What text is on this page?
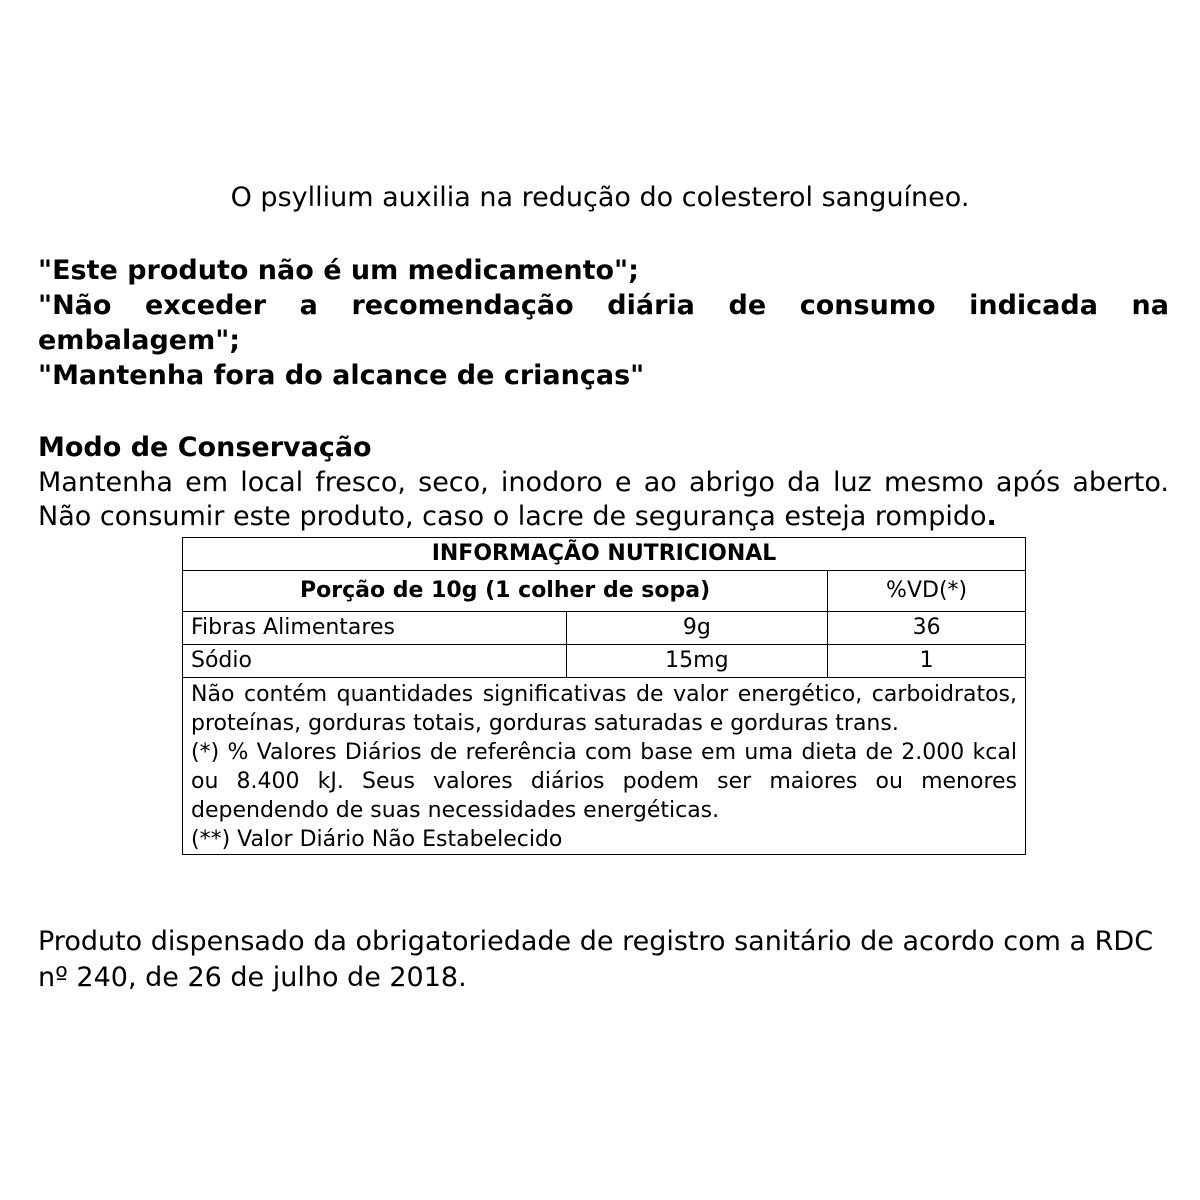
O psyllium auxilia na redução do colesterol sanguíneo.

"Este produto não é um medicamento";

"Não exceder a recomendação diária de consumo indicada na embalagem";

"Mantenha fora do alcance de crianças"

Modo de Conservação
Mantenha em local fresco, seco, inodoro e ao abrigo da luz mesmo após aberto. Não consumir este produto, caso o lacre de segurança esteja rompido.
INFORMAÇÃO NUTRICIONAL		
Porção de 10g (1 colher de sopa)		%VD(*)
Fibras Alimentares	9g	36
Sódio	15mg	1

Não contém quantidades significativas de valor energético, carboidratos, proteínas, gorduras totais, gorduras saturadas e gorduras trans.

(*) % Valores Diários de referência com base em uma dieta de 2.000 kcal ou 8.400 kJ. Seus valores diários podem ser maiores ou menores dependendo de suas necessidades energéticas.

(**) Valor Diário Não Estabelecido		

Produto dispensado da obrigatoriedade de registro sanitário de acordo com a RDC nº 240, de 26 de julho de 2018.
